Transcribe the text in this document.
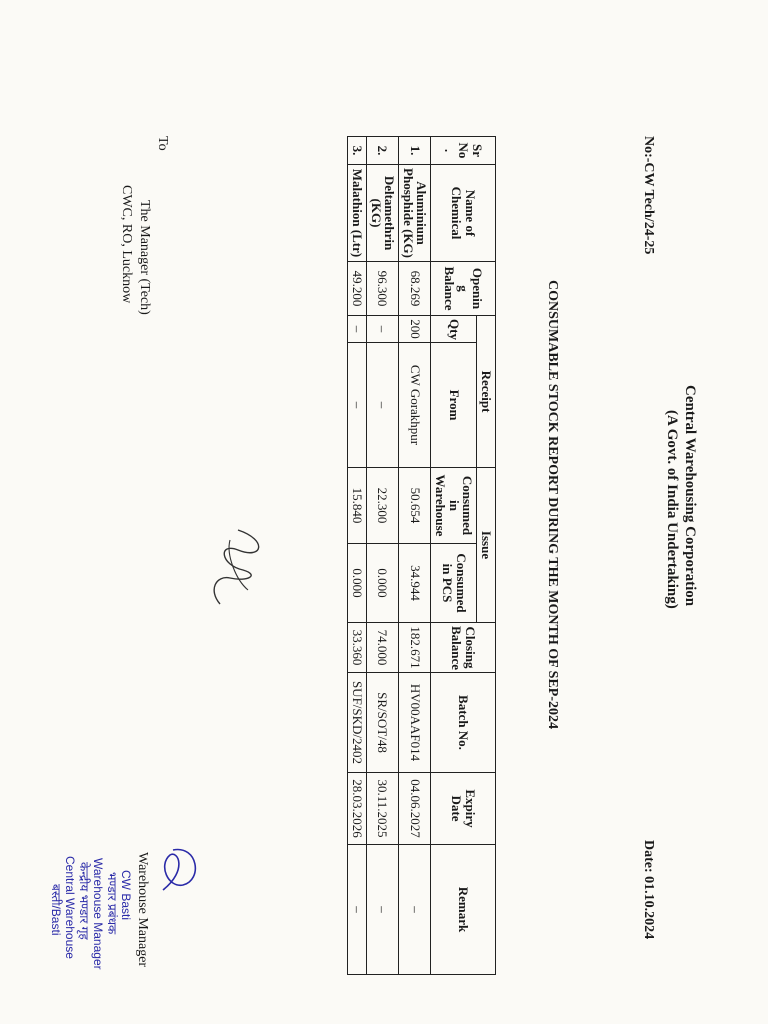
Central Warehousing Corporation
(A Govt. of India Undertaking)
No:-CW Tech/24-25
Date: 01.10.2024
CONSUMABLE STOCK REPORT DURING THE MONTH OF SEP-2024
Sr No .	Name of Chemical	Openin g Balance	Receipt		Issue		Closing Balance	Batch No.	Expiry Date	Remark
			Qty	From	Consumed in Warehouse	Consumed in PCS				
1.	Aluminium Phosphide (KG)	68.269	200	CW Gorakhpur	50.654	34.944	182.671	HV00AAF014	04.06.2027	–
2.	Deltamethrin (KG)	96.300	–	–	22.300	0.000	74.000	SR/SOT/48	30.11.2025	–
3.	Malathion (Ltr)	49.200	–	–	15.840	0.000	33.360	SUF/SKD/2402	28.03.2026	–
To
The Manager (Tech)
CWC, RO, Lucknow
Warehouse Manager
CW Basti
भण्डार प्रबंधक
Warehouse Manager
केन्द्रीय भण्डार गृह
Central Warehouse
बस्ती/Basti
